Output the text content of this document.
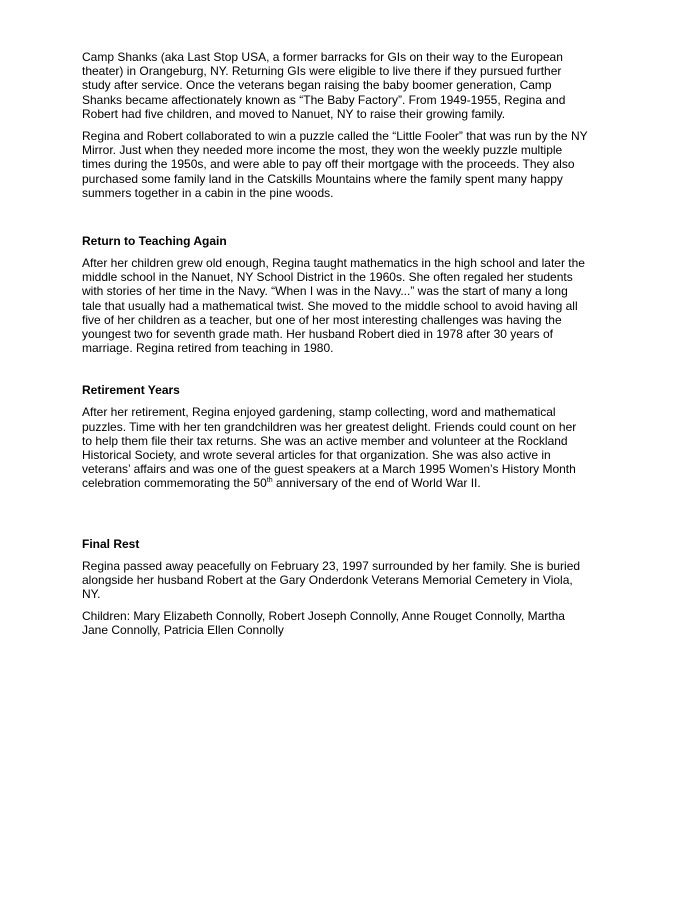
Camp Shanks (aka Last Stop USA, a former barracks for GIs on their way to the European
theater) in Orangeburg, NY. Returning GIs were eligible to live there if they pursued further
study after service. Once the veterans began raising the baby boomer generation, Camp
Shanks became affectionately known as “The Baby Factory”. From 1949-1955, Regina and
Robert had five children, and moved to Nanuet, NY to raise their growing family.

Regina and Robert collaborated to win a puzzle called the “Little Fooler” that was run by the NY
Mirror. Just when they needed more income the most, they won the weekly puzzle multiple
times during the 1950s, and were able to pay off their mortgage with the proceeds. They also
purchased some family land in the Catskills Mountains where the family spent many happy
summers together in a cabin in the pine woods.

Return to Teaching Again

After her children grew old enough, Regina taught mathematics in the high school and later the
middle school in the Nanuet, NY School District in the 1960s. She often regaled her students
with stories of her time in the Navy. “When I was in the Navy...” was the start of many a long
tale that usually had a mathematical twist. She moved to the middle school to avoid having all
five of her children as a teacher, but one of her most interesting challenges was having the
youngest two for seventh grade math. Her husband Robert died in 1978 after 30 years of
marriage. Regina retired from teaching in 1980.

Retirement Years

After her retirement, Regina enjoyed gardening, stamp collecting, word and mathematical
puzzles. Time with her ten grandchildren was her greatest delight. Friends could count on her
to help them file their tax returns. She was an active member and volunteer at the Rockland
Historical Society, and wrote several articles for that organization. She was also active in
veterans’ affairs and was one of the guest speakers at a March 1995 Women’s History Month
celebration commemorating the 50th anniversary of the end of World War II.

Final Rest

Regina passed away peacefully on February 23, 1997 surrounded by her family. She is buried
alongside her husband Robert at the Gary Onderdonk Veterans Memorial Cemetery in Viola,
NY.

Children: Mary Elizabeth Connolly, Robert Joseph Connolly, Anne Rouget Connolly, Martha
Jane Connolly, Patricia Ellen Connolly
